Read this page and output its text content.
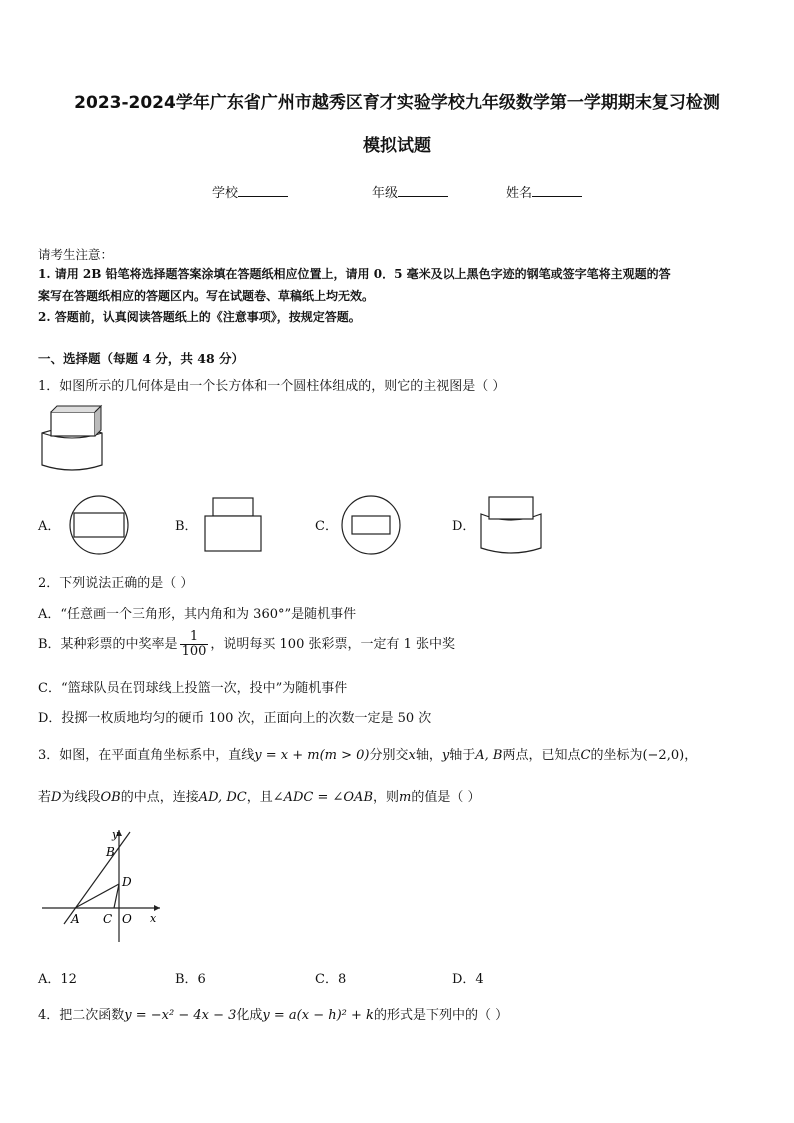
2023-2024学年广东省广州市越秀区育才实验学校九年级数学第一学期期末复习检测
模拟试题
学校	年级	姓名
请考生注意：
1. 请用 2B 铅笔将选择题答案涂填在答题纸相应位置上，请用 0．5 毫米及以上黑色字迹的钢笔或签字笔将主观题的答
案写在答题纸相应的答题区内。写在试题卷、草稿纸上均无效。
2. 答题前，认真阅读答题纸上的《注意事项》，按规定答题。
一、选择题（每题 4 分，共 48 分）
1．如图所示的几何体是由一个长方体和一个圆柱体组成的，则它的主视图是（ ）
A．	B．	C．	D．
2．下列说法正确的是（ ）
A．“任意画一个三角形，其内角和为 360°”是随机事件
B．某种彩票的中奖率是 $\frac{1}{100}$ ，说明每买 100 张彩票，一定有 1 张中奖
C．“篮球队员在罚球线上投篮一次，投中”为随机事件
D．投掷一枚质地均匀的硬币 100 次，正面向上的次数一定是 50 次
3．如图，在平面直角坐标系中，直线y = x + m(m > 0)分别交x轴，y轴于A, B两点，已知点C的坐标为(−2,0)，
若D为线段OB的中点，连接AD, DC，且∠ADC = ∠OAB，则m的值是（ ）
y
x
B
D
A C O
A．12	B．6	C．8	D．4
4．把二次函数y = −x² − 4x − 3化成y = a(x − h)² + k的形式是下列中的（ ）
